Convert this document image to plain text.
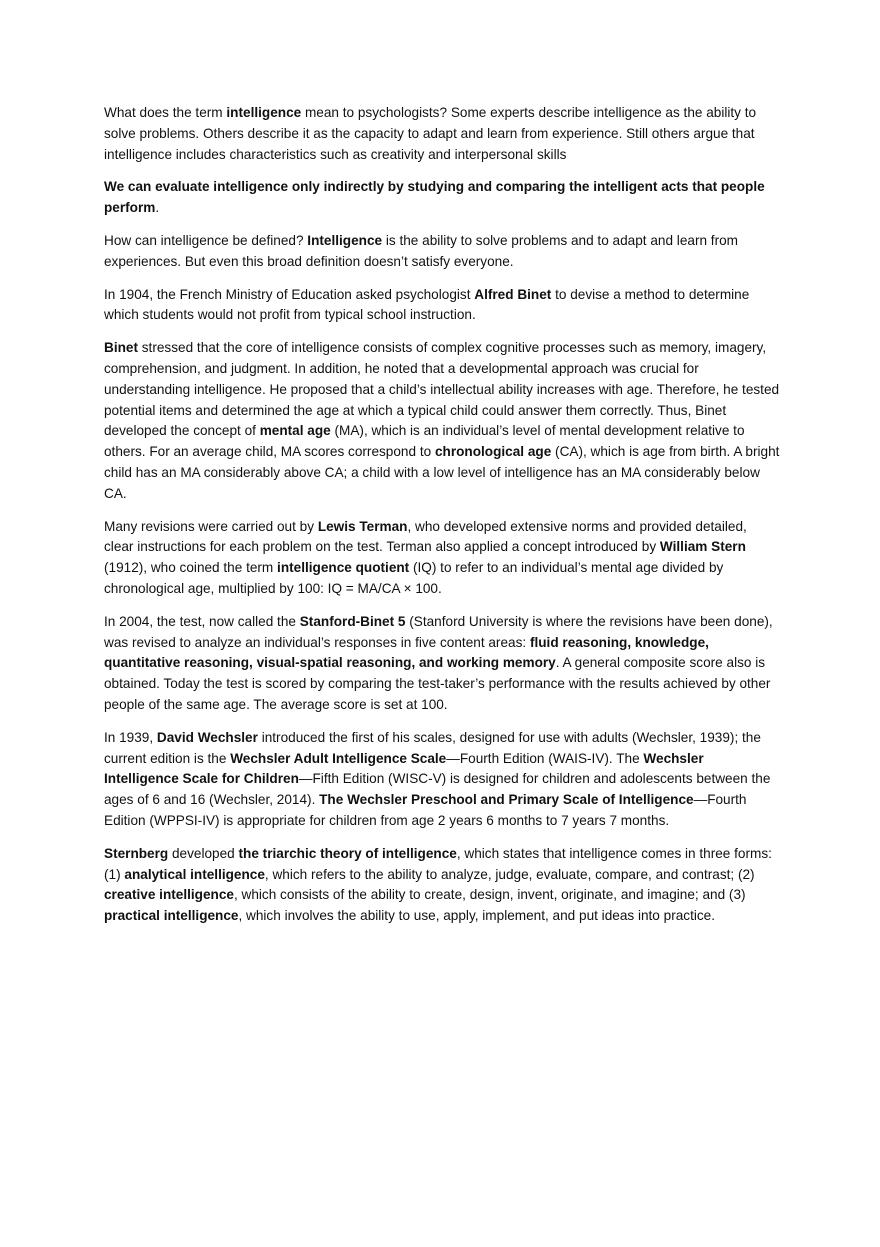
What does the term intelligence mean to psychologists? Some experts describe intelligence as the ability to solve problems. Others describe it as the capacity to adapt and learn from experience. Still others argue that intelligence includes characteristics such as creativity and interpersonal skills

We can evaluate intelligence only indirectly by studying and comparing the intelligent acts that people perform.

How can intelligence be defined? Intelligence is the ability to solve problems and to adapt and learn from experiences. But even this broad definition doesn’t satisfy everyone.

In 1904, the French Ministry of Education asked psychologist Alfred Binet to devise a method to determine which students would not profit from typical school instruction.

Binet stressed that the core of intelligence consists of complex cognitive processes such as memory, imagery, comprehension, and judgment. In addition, he noted that a developmental approach was crucial for understanding intelligence. He proposed that a child’s intellectual ability increases with age. Therefore, he tested potential items and determined the age at which a typical child could answer them correctly. Thus, Binet developed the concept of mental age (MA), which is an individual’s level of mental development relative to others. For an average child, MA scores correspond to chronological age (CA), which is age from birth. A bright child has an MA considerably above CA; a child with a low level of intelligence has an MA considerably below CA.

Many revisions were carried out by Lewis Terman, who developed extensive norms and provided detailed, clear instructions for each problem on the test. Terman also applied a concept introduced by William Stern (1912), who coined the term intelligence quotient (IQ) to refer to an individual’s mental age divided by chronological age, multiplied by 100: IQ = MA/CA × 100.

In 2004, the test, now called the Stanford-Binet 5 (Stanford University is where the revisions have been done), was revised to analyze an individual’s responses in five content areas: fluid reasoning, knowledge, quantitative reasoning, visual-spatial reasoning, and working memory. A general composite score also is obtained. Today the test is scored by comparing the test-taker’s performance with the results achieved by other people of the same age. The average score is set at 100.

In 1939, David Wechsler introduced the first of his scales, designed for use with adults (Wechsler, 1939); the current edition is the Wechsler Adult Intelligence Scale—Fourth Edition (WAIS-IV). The Wechsler Intelligence Scale for Children—Fifth Edition (WISC-V) is designed for children and adolescents between the ages of 6 and 16 (Wechsler, 2014). The Wechsler Preschool and Primary Scale of Intelligence—Fourth Edition (WPPSI-IV) is appropriate for children from age 2 years 6 months to 7 years 7 months.

Sternberg developed the triarchic theory of intelligence, which states that intelligence comes in three forms: (1) analytical intelligence, which refers to the ability to analyze, judge, evaluate, compare, and contrast; (2) creative intelligence, which consists of the ability to create, design, invent, originate, and imagine; and (3) practical intelligence, which involves the ability to use, apply, implement, and put ideas into practice.
